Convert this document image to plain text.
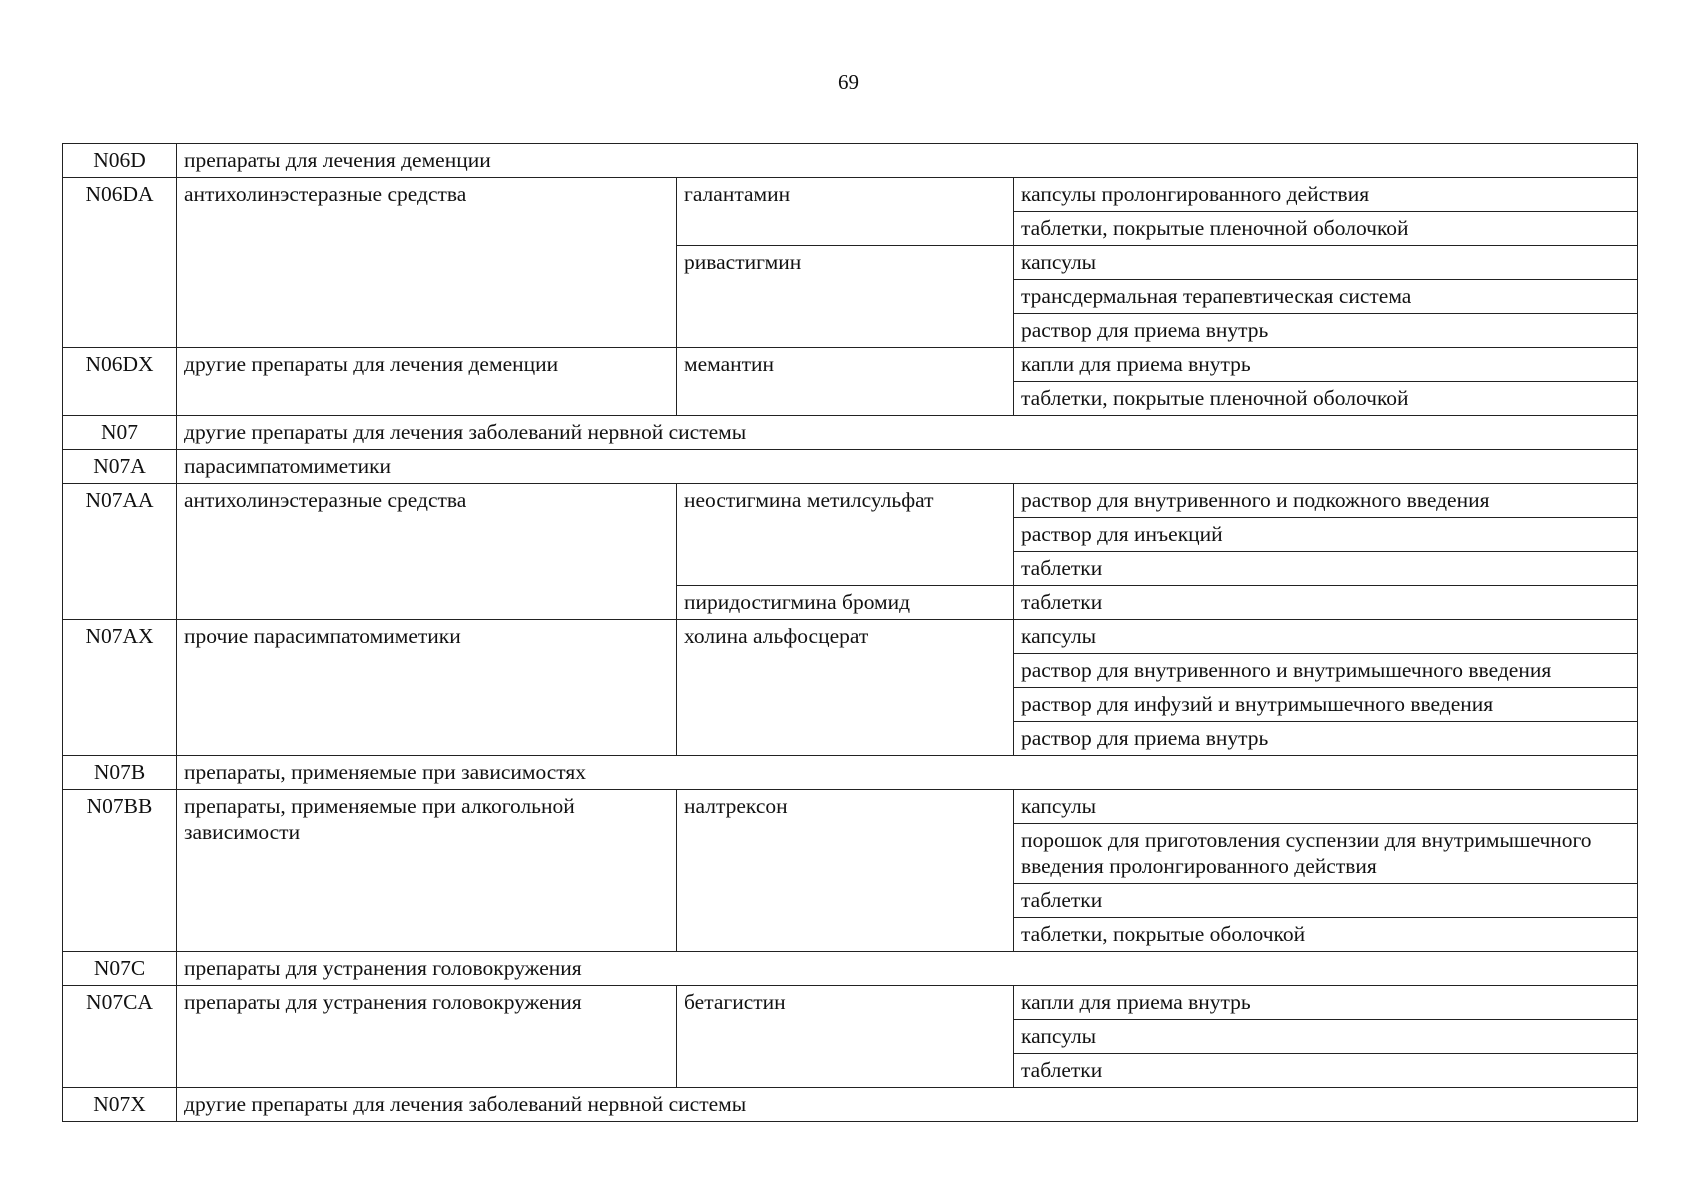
69
N06D	препараты для лечения деменции		
N06DA	антихолинэстеразные средства	галантамин	капсулы пролонгированного действия
			таблетки, покрытые пленочной оболочкой
		ривастигмин	капсулы
			трансдермальная терапевтическая система
			раствор для приема внутрь
N06DX	другие препараты для лечения деменции	мемантин	капли для приема внутрь
			таблетки, покрытые пленочной оболочкой
N07	другие препараты для лечения заболеваний нервной системы		
N07A	парасимпатомиметики		
N07AA	антихолинэстеразные средства	неостигмина метилсульфат	раствор для внутривенного и подкожного введения
			раствор для инъекций
			таблетки
		пиридостигмина бромид	таблетки
N07AX	прочие парасимпатомиметики	холина альфосцерат	капсулы
			раствор для внутривенного и внутримышечного введения
			раствор для инфузий и внутримышечного введения
			раствор для приема внутрь
N07B	препараты, применяемые при зависимостях		
N07BB	препараты, применяемые при алкогольной зависимости	налтрексон	капсулы
			порошок для приготовления суспензии для внутримышечного введения пролонгированного действия
			таблетки
			таблетки, покрытые оболочкой
N07C	препараты для устранения головокружения		
N07CA	препараты для устранения головокружения	бетагистин	капли для приема внутрь
			капсулы
			таблетки
N07X	другие препараты для лечения заболеваний нервной системы		
